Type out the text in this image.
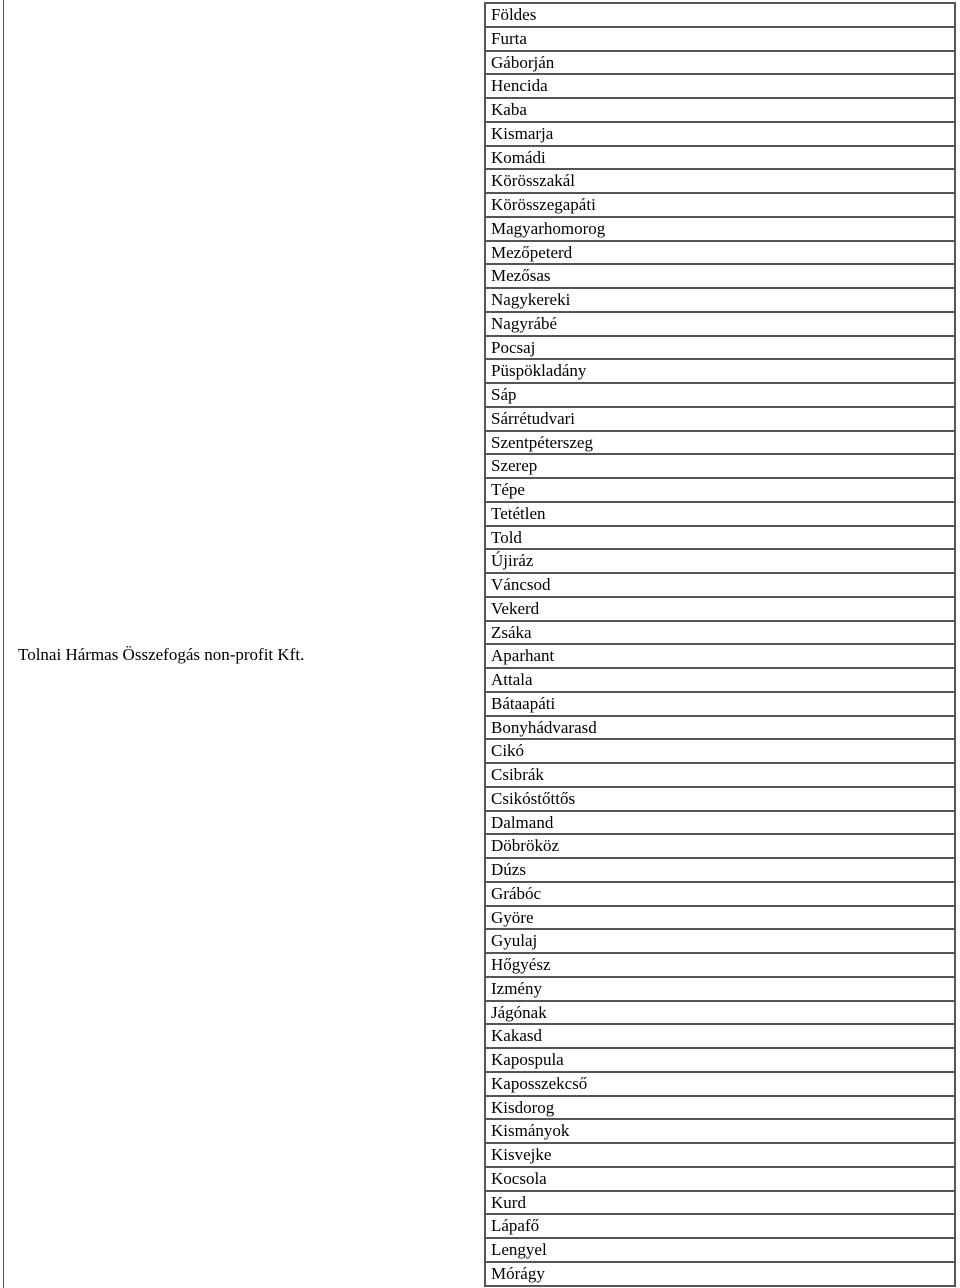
Tolnai Hármas Összefogás non-profit Kft.
Földes
Furta
Gáborján
Hencida
Kaba
Kismarja
Komádi
Körösszakál
Körösszegapáti
Magyarhomorog
Mezőpeterd
Mezősas
Nagykereki
Nagyrábé
Pocsaj
Püspökladány
Sáp
Sárrétudvari
Szentpéterszeg
Szerep
Tépe
Tetétlen
Told
Újiráz
Váncsod
Vekerd
Zsáka
Aparhant
Attala
Bátaapáti
Bonyhádvarasd
Cikó
Csibrák
Csikóstőttős
Dalmand
Döbrököz
Dúzs
Grábóc
Györe
Gyulaj
Hőgyész
Izmény
Jágónak
Kakasd
Kapospula
Kaposszekcső
Kisdorog
Kismányok
Kisvejke
Kocsola
Kurd
Lápafő
Lengyel
Mórágy
